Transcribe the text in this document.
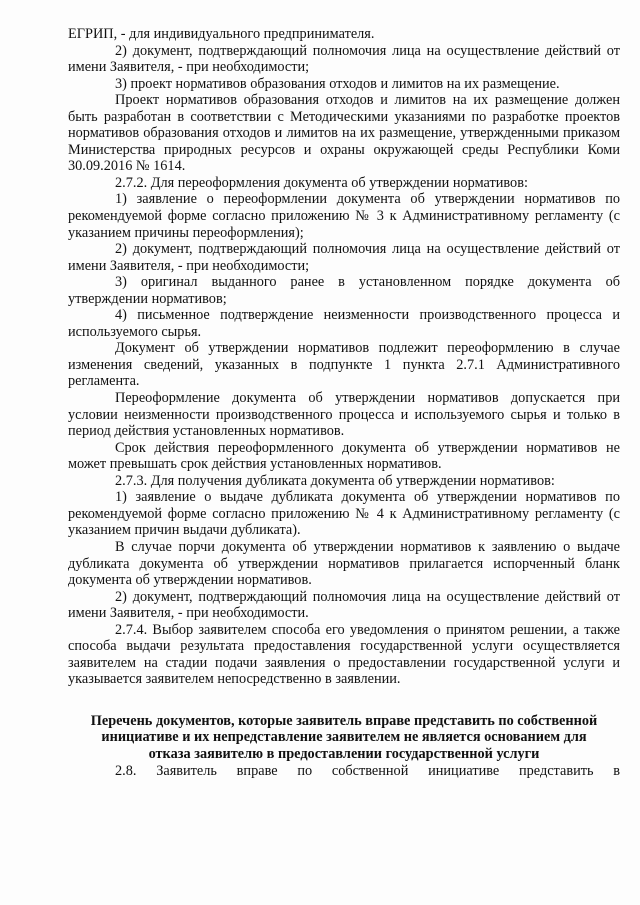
ЕГРИП, - для индивидуального предпринимателя.

2) документ, подтверждающий полномочия лица на осуществление действий от имени Заявителя, - при необходимости;

3) проект нормативов образования отходов и лимитов на их размещение.

Проект нормативов образования отходов и лимитов на их размещение должен быть разработан в соответствии с Методическими указаниями по разработке проектов нормативов образования отходов и лимитов на их размещение, утвержденными приказом Министерства природных ресурсов и охраны окружающей среды Республики Коми 30.09.2016 № 1614.

2.7.2. Для переоформления документа об утверждении нормативов:

1) заявление о переоформлении документа об утверждении нормативов по рекомендуемой форме согласно приложению № 3 к Административному регламенту (с указанием причины переоформления);

2) документ, подтверждающий полномочия лица на осуществление действий от имени Заявителя, - при необходимости;

3) оригинал выданного ранее в установленном порядке документа об утверждении нормативов;

4) письменное подтверждение неизменности производственного процесса и используемого сырья.

Документ об утверждении нормативов подлежит переоформлению в случае изменения сведений, указанных в подпункте 1 пункта 2.7.1 Административного регламента.

Переоформление документа об утверждении нормативов допускается при условии неизменности производственного процесса и используемого сырья и только в период действия установленных нормативов.

Срок действия переоформленного документа об утверждении нормативов не может превышать срок действия установленных нормативов.

2.7.3. Для получения дубликата документа об утверждении нормативов:

1) заявление о выдаче дубликата документа об утверждении нормативов по рекомендуемой форме согласно приложению № 4 к Административному регламенту (с указанием причин выдачи дубликата).

В случае порчи документа об утверждении нормативов к заявлению о выдаче дубликата документа об утверждении нормативов прилагается испорченный бланк документа об утверждении нормативов.

2) документ, подтверждающий полномочия лица на осуществление действий от имени Заявителя, - при необходимости.

2.7.4. Выбор заявителем способа его уведомления о принятом решении, а также способа выдачи результата предоставления государственной услуги осуществляется заявителем на стадии подачи заявления о предоставлении государственной услуги и указывается заявителем непосредственно в заявлении.

Перечень документов, которые заявитель вправе представить по собственной инициативе и их непредставление заявителем не является основанием для отказа заявителю в предоставлении государственной услуги

2.8. Заявитель вправе по собственной инициативе представить в
